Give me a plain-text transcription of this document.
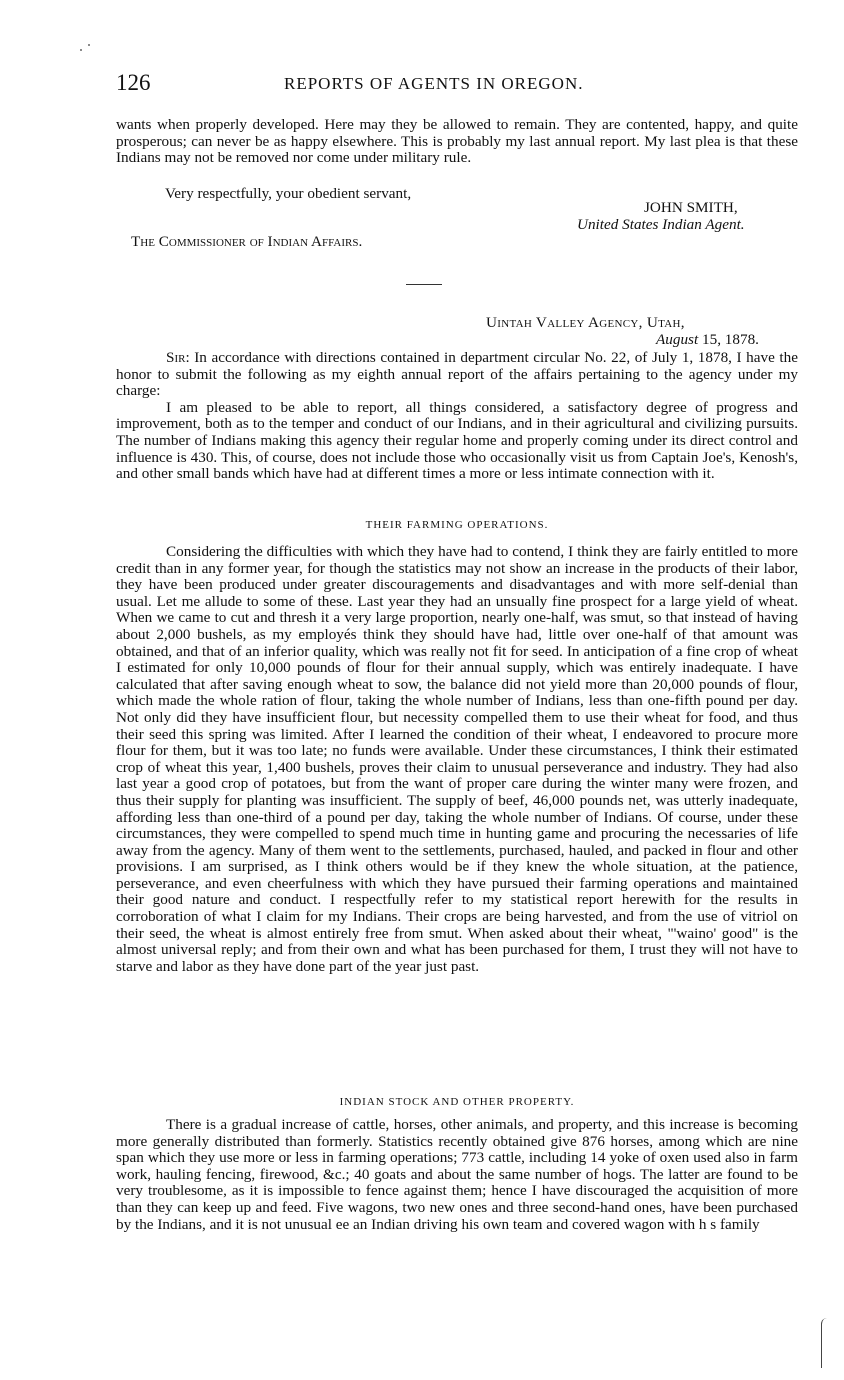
126	REPORTS OF AGENTS IN OREGON.

wants when properly developed. Here may they be allowed to remain. They are contented, happy, and quite prosperous; can never be as happy elsewhere. This is probably my last annual report. My last plea is that these Indians may not be removed nor come under military rule.

Very respectfully, your obedient servant,
JOHN SMITH,
United States Indian Agent.
The Commissioner of Indian Affairs.
Uintah Valley Agency, Utah,
August 15, 1878.

Sir: In accordance with directions contained in department circular No. 22, of July 1, 1878, I have the honor to submit the following as my eighth annual report of the affairs pertaining to the agency under my charge:

I am pleased to be able to report, all things considered, a satisfactory degree of progress and improvement, both as to the temper and conduct of our Indians, and in their agricultural and civilizing pursuits. The number of Indians making this agency their regular home and properly coming under its direct control and influence is 430. This, of course, does not include those who occasionally visit us from Captain Joe's, Kenosh's, and other small bands which have had at different times a more or less intimate connection with it.

THEIR FARMING OPERATIONS.

Considering the difficulties with which they have had to contend, I think they are fairly entitled to more credit than in any former year, for though the statistics may not show an increase in the products of their labor, they have been produced under greater discouragements and disadvantages and with more self-denial than usual. Let me allude to some of these. Last year they had an unsually fine prospect for a large yield of wheat. When we came to cut and thresh it a very large proportion, nearly one-half, was smut, so that instead of having about 2,000 bushels, as my employés think they should have had, little over one-half of that amount was obtained, and that of an inferior quality, which was really not fit for seed. In anticipation of a fine crop of wheat I estimated for only 10,000 pounds of flour for their annual supply, which was entirely inadequate. I have calculated that after saving enough wheat to sow, the balance did not yield more than 20,000 pounds of flour, which made the whole ration of flour, taking the whole number of Indians, less than one-fifth pound per day. Not only did they have insufficient flour, but necessity compelled them to use their wheat for food, and thus their seed this spring was limited. After I learned the condition of their wheat, I endeavored to procure more flour for them, but it was too late; no funds were available. Under these circumstances, I think their estimated crop of wheat this year, 1,400 bushels, proves their claim to unusual perseverance and industry. They had also last year a good crop of potatoes, but from the want of proper care during the winter many were frozen, and thus their supply for planting was insufficient. The supply of beef, 46,000 pounds net, was utterly inadequate, affording less than one-third of a pound per day, taking the whole number of Indians. Of course, under these circumstances, they were compelled to spend much time in hunting game and procuring the necessaries of life away from the agency. Many of them went to the settlements, purchased, hauled, and packed in flour and other provisions. I am surprised, as I think others would be if they knew the whole situation, at the patience, perseverance, and even cheerfulness with which they have pursued their farming operations and maintained their good nature and conduct. I respectfully refer to my statistical report herewith for the results in corroboration of what I claim for my Indians. Their crops are being harvested, and from the use of vitriol on their seed, the wheat is almost entirely free from smut. When asked about their wheat, "'waino' good" is the almost universal reply; and from their own and what has been purchased for them, I trust they will not have to starve and labor as they have done part of the year just past.

INDIAN STOCK AND OTHER PROPERTY.

There is a gradual increase of cattle, horses, other animals, and property, and this increase is becoming more generally distributed than formerly. Statistics recently obtained give 876 horses, among which are nine span which they use more or less in farming operations; 773 cattle, including 14 yoke of oxen used also in farm work, hauling fencing, firewood, &c.; 40 goats and about the same number of hogs. The latter are found to be very troublesome, as it is impossible to fence against them; hence I have discouraged the acquisition of more than they can keep up and feed. Five wagons, two new ones and three second-hand ones, have been purchased by the Indians, and it is not unusual ee an Indian driving his own team and covered wagon with h s family
